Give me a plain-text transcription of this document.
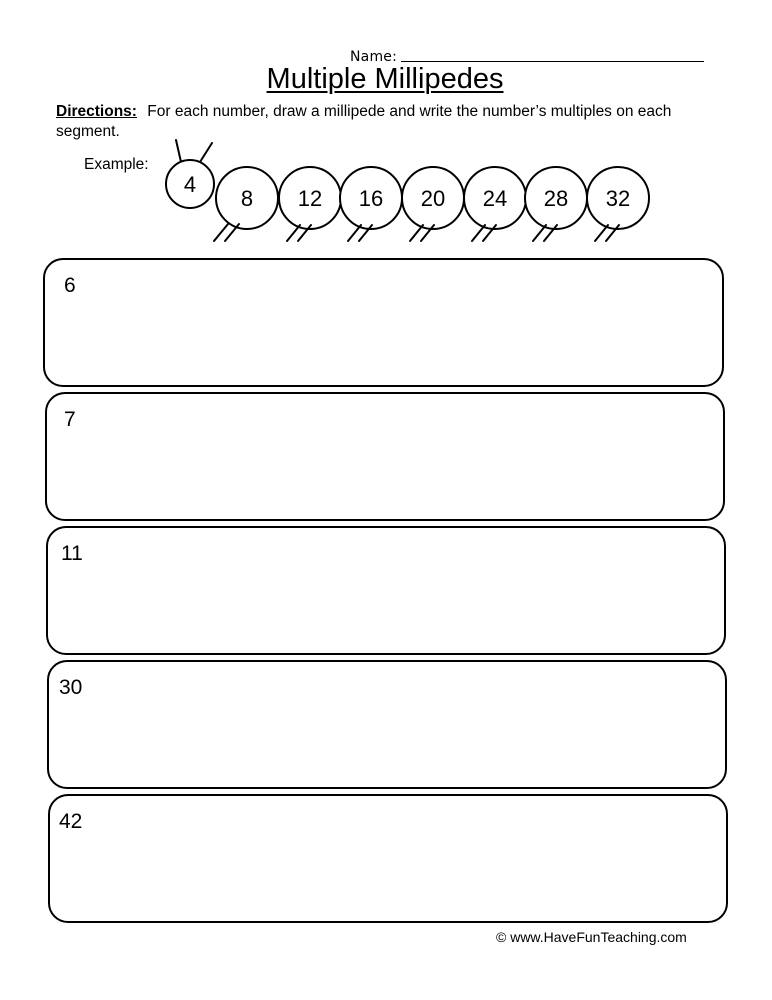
Name:
Multiple Millipedes
Directions: For each number, draw a millipede and write the number’s multiples on each segment.
Example:
4
8 12 16 20 24 28 32
6
7
11
30
42
© www.HaveFunTeaching.com
